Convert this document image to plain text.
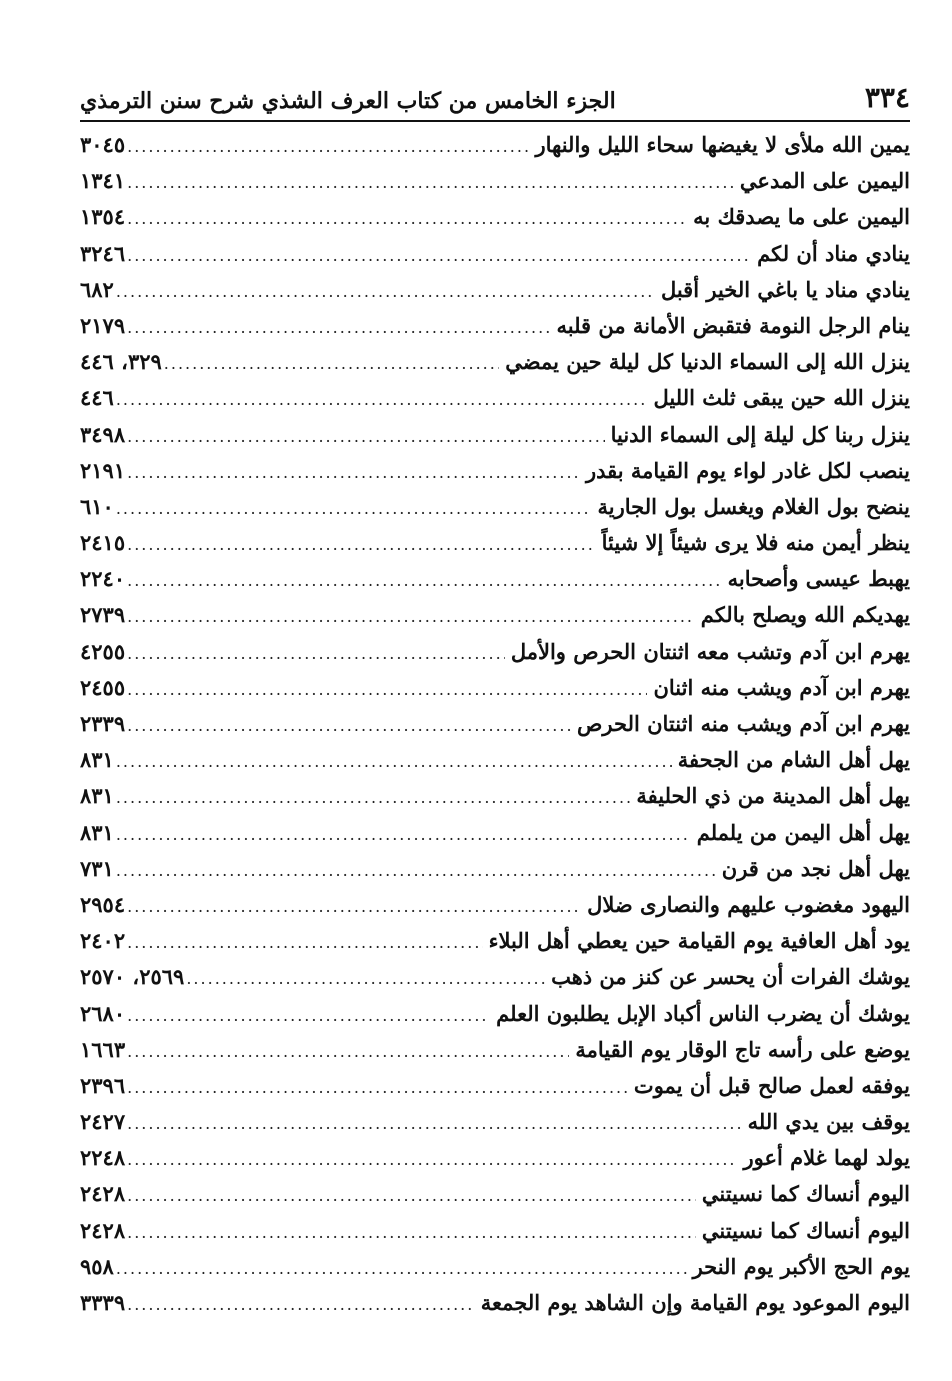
٣٣٤
الجزء الخامس من كتاب العرف الشذي شرح سنن الترمذي
يمين الله ملأى لا يغيضها سحاء الليل والنهار
.....
٣٠٤٥
اليمين على المدعي
.....
١٣٤١
اليمين على ما يصدقك به
.....
١٣٥٤
ينادي مناد أن لكم
.....
٣٢٤٦
ينادي مناد يا باغي الخير أقبل
.....
٦٨٢
ينام الرجل النومة فتقبض الأمانة من قلبه
.....
٢١٧٩
ينزل الله إلى السماء الدنيا كل ليلة حين يمضي
.....
٣٢٩، ٤٤٦
ينزل الله حين يبقى ثلث الليل
.....
٤٤٦
ينزل ربنا كل ليلة إلى السماء الدنيا
.....
٣٤٩٨
ينصب لكل غادر لواء يوم القيامة بقدر
.....
٢١٩١
ينضح بول الغلام ويغسل بول الجارية
.....
٦١٠
ينظر أيمن منه فلا يرى شيئاً إلا شيئاً
.....
٢٤١٥
يهبط عيسى وأصحابه
.....
٢٢٤٠
يهديكم الله ويصلح بالكم
.....
٢٧٣٩
يهرم ابن آدم وتشب معه اثنتان الحرص والأمل
.....
٤٢٥٥
يهرم ابن آدم ويشب منه اثنان
.....
٢٤٥٥
يهرم ابن آدم ويشب منه اثنتان الحرص
.....
٢٣٣٩
يهل أهل الشام من الجحفة
.....
٨٣١
يهل أهل المدينة من ذي الحليفة
.....
٨٣١
يهل أهل اليمن من يلملم
.....
٨٣١
يهل أهل نجد من قرن
.....
٧٣١
اليهود مغضوب عليهم والنصارى ضلال
.....
٢٩٥٤
يود أهل العافية يوم القيامة حين يعطي أهل البلاء
.....
٢٤٠٢
يوشك الفرات أن يحسر عن كنز من ذهب
.....
٢٥٦٩، ٢٥٧٠
يوشك أن يضرب الناس أكباد الإبل يطلبون العلم
.....
٢٦٨٠
يوضع على رأسه تاج الوقار يوم القيامة
.....
١٦٦٣
يوفقه لعمل صالح قبل أن يموت
.....
٢٣٩٦
يوقف بين يدي الله
.....
٢٤٢٧
يولد لهما غلام أعور
.....
٢٢٤٨
اليوم أنساك كما نسيتني
.....
٢٤٢٨
اليوم أنساك كما نسيتني
.....
٢٤٢٨
يوم الحج الأكبر يوم النحر
.....
٩٥٨
اليوم الموعود يوم القيامة وإن الشاهد يوم الجمعة
.....
٣٣٣٩
